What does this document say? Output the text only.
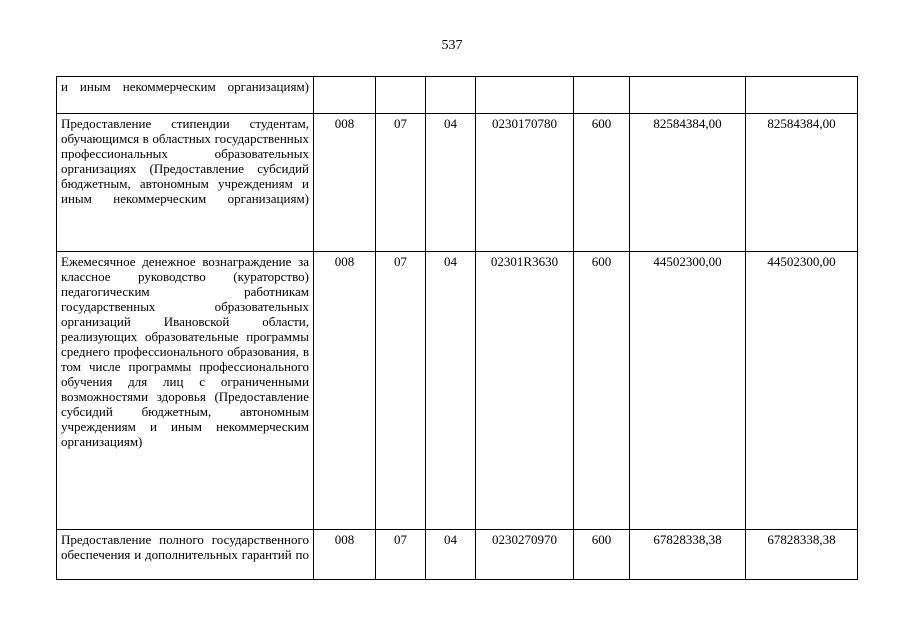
537
и иным некоммерческим организациям)							
Предоставление стипендии студентам, обучающимся в областных государственных профессиональных образовательных организациях (Предоставление субсидий бюджетным, автономным учреждениям и иным некоммерческим организациям)	008	07	04	0230170780	600	82584384,00	82584384,00
Ежемесячное денежное вознаграждение за классное руководство (кураторство) педагогическим работникам государственных образовательных организаций Ивановской области, реализующих образовательные программы среднего профессионального образования, в том числе программы профессионального обучения для лиц с ограниченными возможностями здоровья (Предоставление субсидий бюджетным, автономным учреждениям и иным некоммерческим организациям)	008	07	04	02301R3630	600	44502300,00	44502300,00
Предоставление полного государственного обеспечения и дополнительных гарантий по	008	07	04	0230270970	600	67828338,38	67828338,38
